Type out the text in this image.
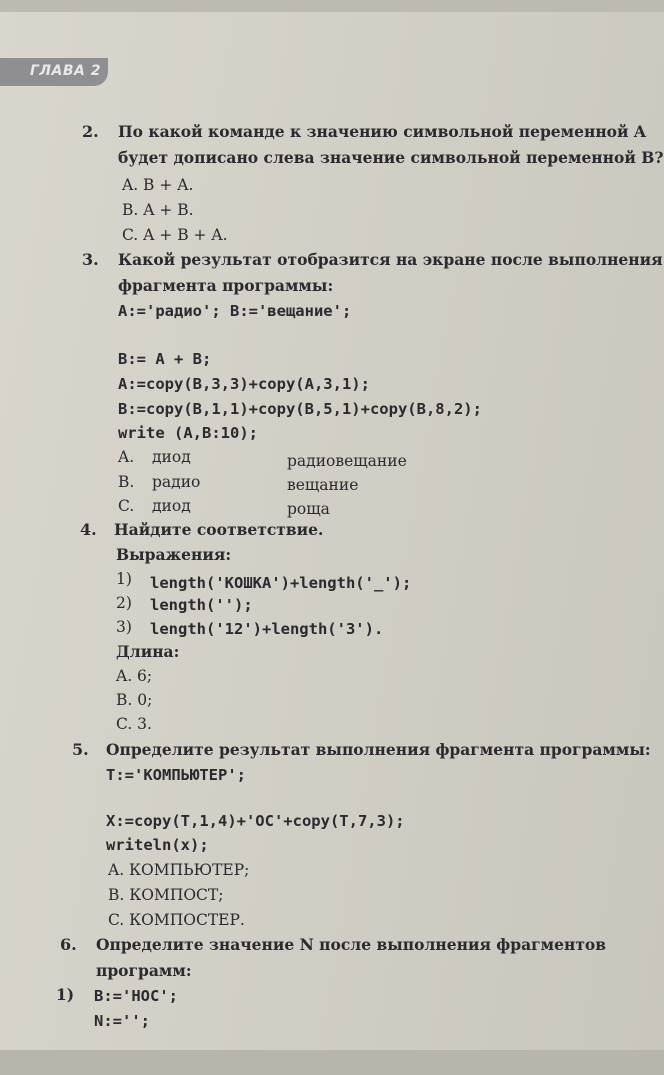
ГЛАВА 2
2. По какой команде к значению символьной переменной A
будет дописано слева значение символьной переменной B?
A. B + A.
B. A + B.
C. A + B + A.
3. Какой результат отобразится на экране после выполнения
фрагмента программы:
A:='радио'; B:='вещание';
B:= A + B;
A:=copy(B,3,3)+copy(A,3,1);
B:=copy(B,1,1)+copy(B,5,1)+copy(B,8,2);
write (A,B:10);
A. диод	радиовещание
B. радио	вещание
C. диод	роща
4. Найдите соответствие.
Выражения:
1) length('КОШКА')+length('_');
2) length('');
3) length('12')+length('3').
Длина:
A. 6;
B. 0;
C. 3.
5. Определите результат выполнения фрагмента программы:
T:='КОМПЬЮТЕР';
X:=copy(T,1,4)+'ОС'+copy(T,7,3);
writeln(x);
A. КОМПЬЮТЕР;
B. КОМПОСТ;
C. КОМПОСТЕР.
6. Определите значение N после выполнения фрагментов
программ:
1) B:='НОС';
N:='';
